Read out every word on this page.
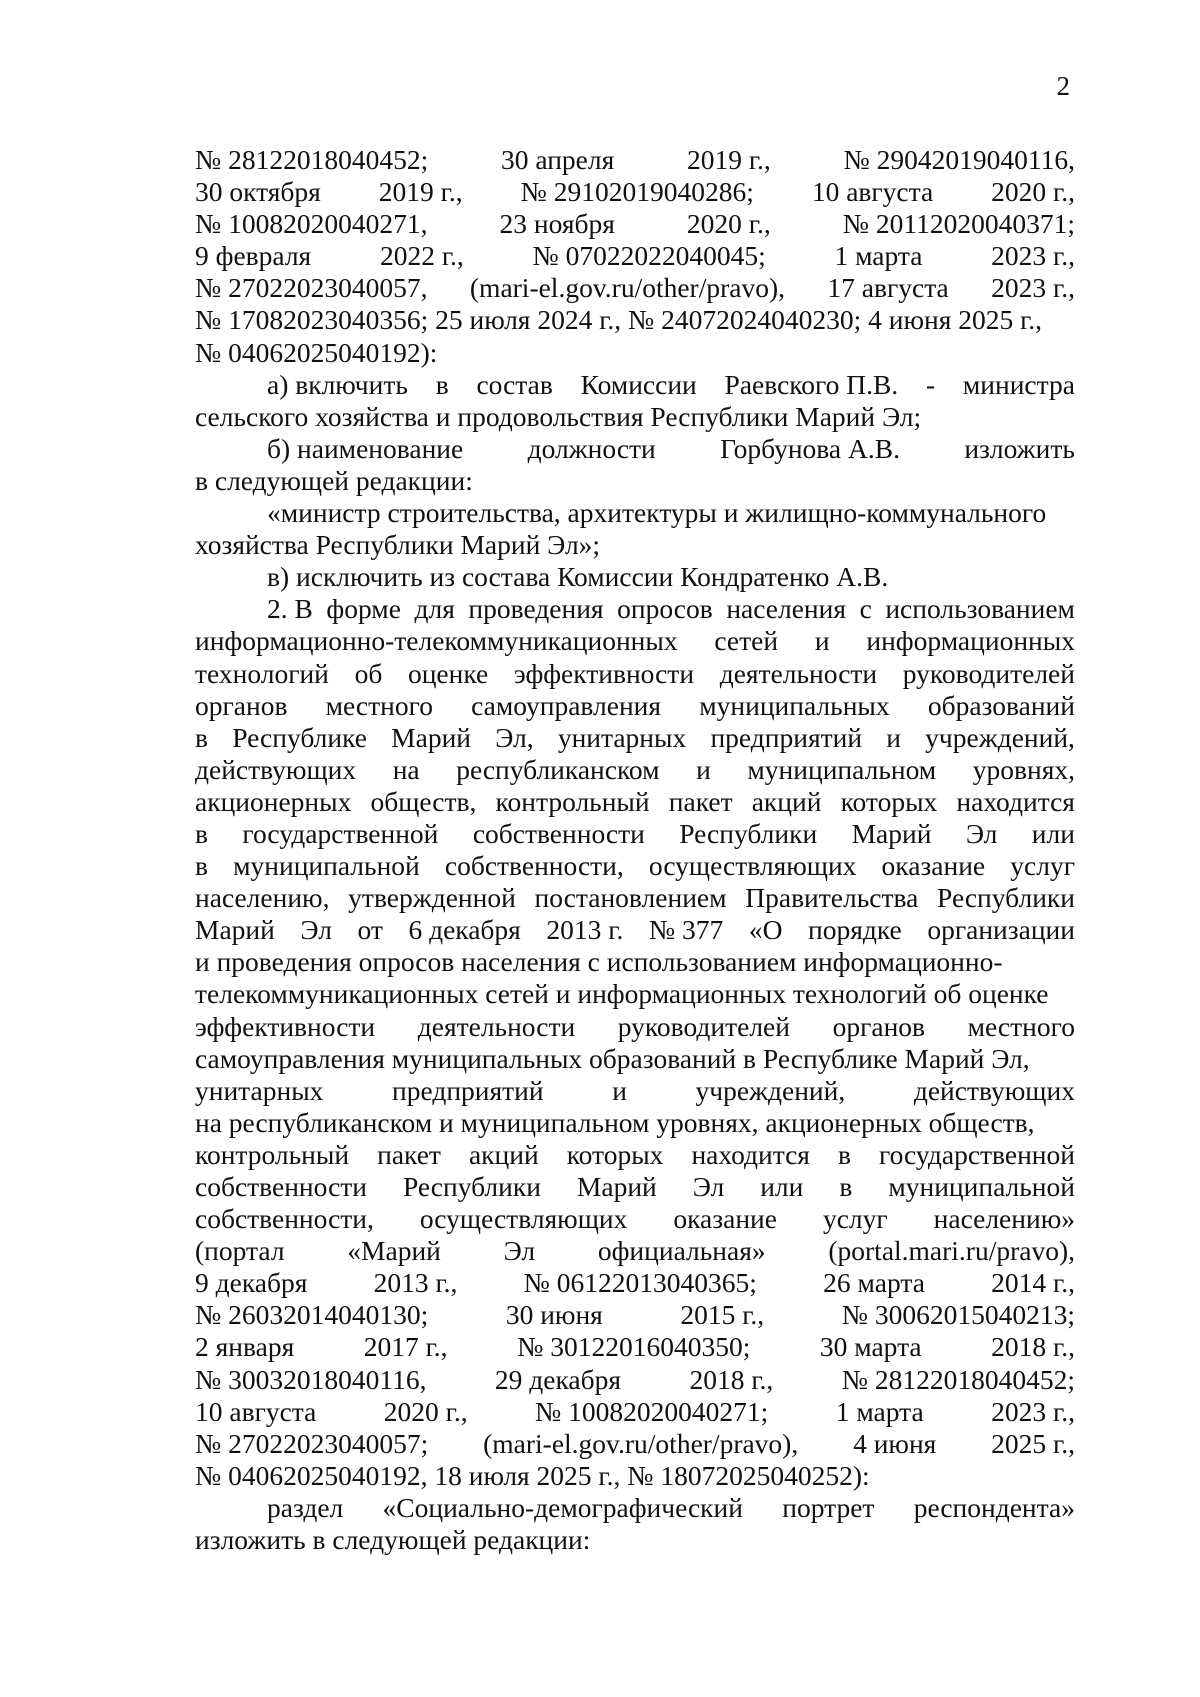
2
№ 28122018040452;	30 апреля	2019 г.,	№ 29042019040116,
30 октября 2019 г., № 29102019040286; 10 августа 2020 г.,
№ 10082020040271,	23 ноября	2020 г.,	№ 20112020040371;
9 февраля 2022 г., № 07022022040045; 1 марта 2023 г.,
№ 27022023040057, (mari-el.gov.ru/other/pravo), 17 августа 2023 г.,
№ 17082023040356; 25 июля 2024 г., № 24072024040230; 4 июня 2025 г.,
№ 04062025040192):
а) включить в состав Комиссии Раевского П.В. - министра
сельского хозяйства и продовольствия Республики Марий Эл;
б) наименование должности Горбунова А.В. изложить
в следующей редакции:
«министр строительства, архитектуры и жилищно-коммунального
хозяйства Республики Марий Эл»;
в) исключить из состава Комиссии Кондратенко А.В.
2. В форме для проведения опросов населения с использованием
информационно-телекоммуникационных сетей и информационных
технологий об оценке эффективности деятельности руководителей
органов местного самоуправления муниципальных образований
в Республике Марий Эл, унитарных предприятий и учреждений,
действующих на республиканском и муниципальном уровнях,
акционерных обществ, контрольный пакет акций которых находится
в государственной собственности Республики Марий Эл или
в муниципальной собственности, осуществляющих оказание услуг
населению, утвержденной постановлением Правительства Республики
Марий Эл от 6 декабря 2013 г. № 377 «О порядке организации
и проведения опросов населения с использованием информационно-
телекоммуникационных сетей и информационных технологий об оценке
эффективности деятельности руководителей органов местного
самоуправления муниципальных образований в Республике Марий Эл,
унитарных предприятий и учреждений, действующих
на республиканском и муниципальном уровнях, акционерных обществ,
контрольный пакет акций которых находится в государственной
собственности Республики Марий Эл или в муниципальной
собственности, осуществляющих оказание услуг населению»
(портал «Марий Эл официальная» (portal.mari.ru/pravo),
9 декабря 2013 г., № 06122013040365; 26 марта 2014 г.,
№ 26032014040130;	30 июня	2015 г.,	№ 30062015040213;
2 января	2017 г.,	№ 30122016040350;	30 марта	2018 г.,
№ 30032018040116, 29 декабря 2018 г., № 28122018040452;
10 августа 2020 г., № 10082020040271; 1 марта 2023 г.,
№ 27022023040057; (mari-el.gov.ru/other/pravo), 4 июня 2025 г.,
№ 04062025040192, 18 июля 2025 г., № 18072025040252):
раздел «Социально-демографический портрет респондента»
изложить в следующей редакции:
